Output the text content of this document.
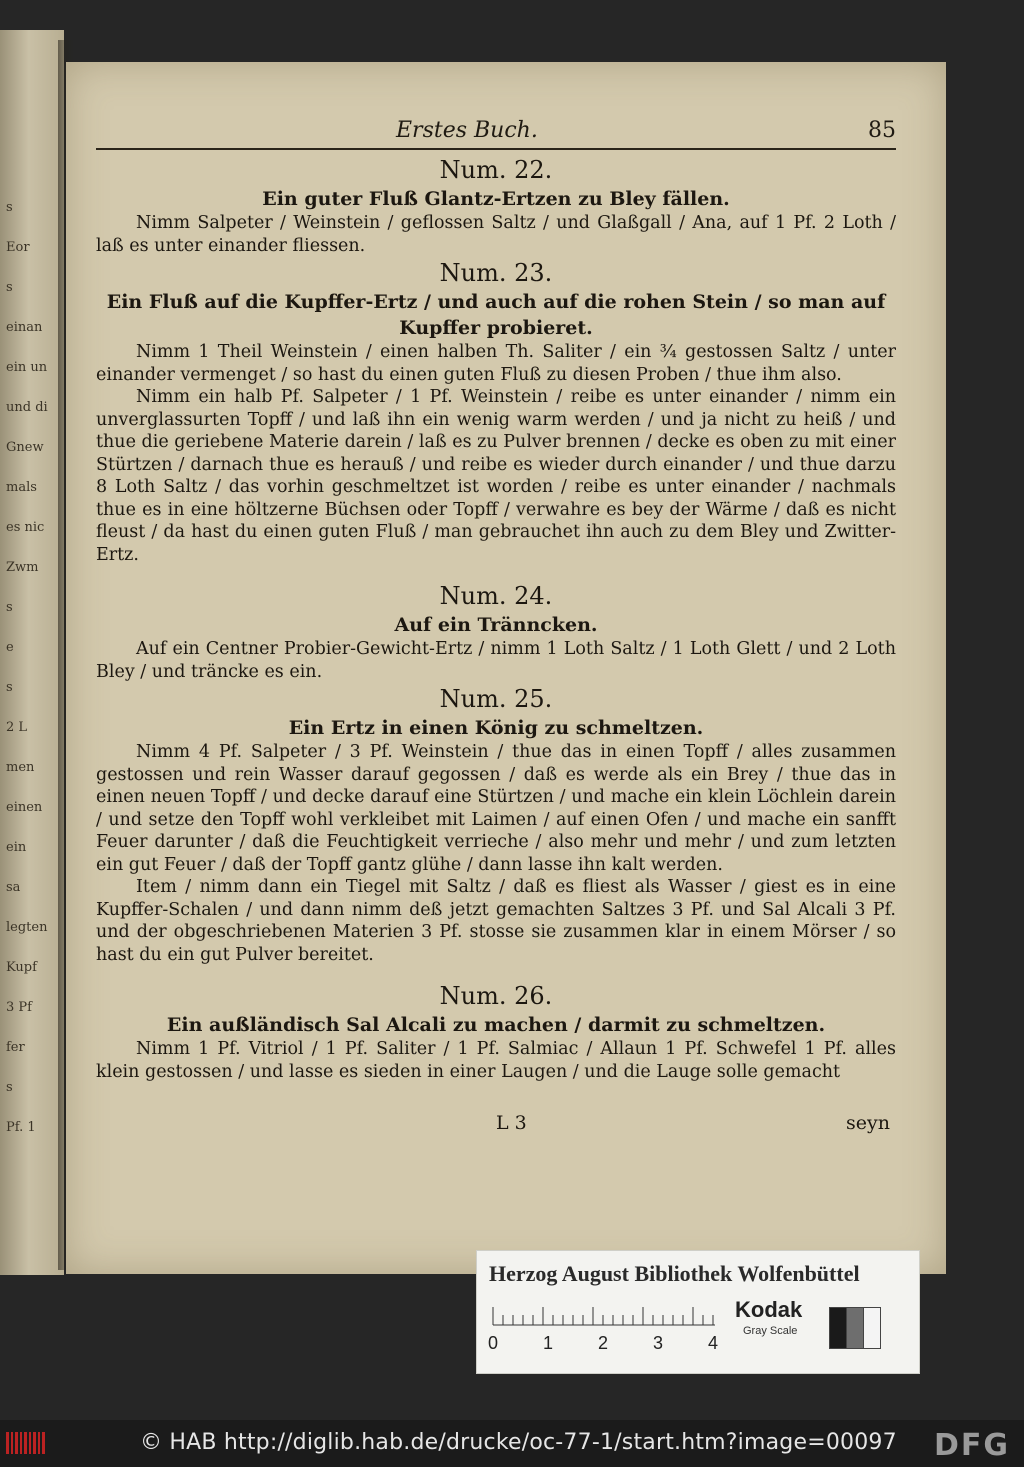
s
Eor
s
einan
ein un
und di
Gnew
mals
es nic
Zwm
s
e
s
2 L
men
einen
ein
sa
legten
Kupf
3 Pf
fer
s
Pf. 1
Erstes Buch.	85
Num. 22.
Ein guter Fluß Glantz-Ertzen zu Bley fällen.

Nimm Salpeter / Weinstein / geflossen Saltz / und Glaßgall / Ana, auf 1 Pf. 2 Loth / laß es unter einander fliessen.

Num. 23.
Ein Fluß auf die Kupffer-Ertz / und auch auf die rohen Stein / so man auf Kupffer probieret.

Nimm 1 Theil Weinstein / einen halben Th. Saliter / ein ¾ gestossen Saltz / unter einander vermenget / so hast du einen guten Fluß zu diesen Proben / thue ihm also.

Nimm ein halb Pf. Salpeter / 1 Pf. Weinstein / reibe es unter einander / nimm ein unverglassurten Topff / und laß ihn ein wenig warm werden / und ja nicht zu heiß / und thue die geriebene Materie darein / laß es zu Pulver brennen / decke es oben zu mit einer Stürtzen / darnach thue es herauß / und reibe es wieder durch einander / und thue darzu 8 Loth Saltz / das vorhin geschmeltzet ist worden / reibe es unter einander / nachmals thue es in eine höltzerne Büchsen oder Topff / verwahre es bey der Wärme / daß es nicht fleust / da hast du einen guten Fluß / man gebrauchet ihn auch zu dem Bley und Zwitter-Ertz.

Num. 24.
Auf ein Tränncken.

Auf ein Centner Probier-Gewicht-Ertz / nimm 1 Loth Saltz / 1 Loth Glett / und 2 Loth Bley / und träncke es ein.

Num. 25.
Ein Ertz in einen König zu schmeltzen.

Nimm 4 Pf. Salpeter / 3 Pf. Weinstein / thue das in einen Topff / alles zusammen gestossen und rein Wasser darauf gegossen / daß es werde als ein Brey / thue das in einen neuen Topff / und decke darauf eine Stürtzen / und mache ein klein Löchlein darein / und setze den Topff wohl verkleibet mit Laimen / auf einen Ofen / und mache ein sanfft Feuer darunter / daß die Feuchtigkeit verrieche / also mehr und mehr / und zum letzten ein gut Feuer / daß der Topff gantz glühe / dann lasse ihn kalt werden.

Item / nimm dann ein Tiegel mit Saltz / daß es fliest als Wasser / giest es in eine Kupffer-Schalen / und dann nimm deß jetzt gemachten Saltzes 3 Pf. und Sal Alcali 3 Pf. und der obgeschriebenen Materien 3 Pf. stosse sie zusammen klar in einem Mörser / so hast du ein gut Pulver bereitet.

Num. 26.
Ein außländisch Sal Alcali zu machen / darmit zu schmeltzen.

Nimm 1 Pf. Vitriol / 1 Pf. Saliter / 1 Pf. Salmiac / Allaun 1 Pf. Schwefel 1 Pf. alles klein gestossen / und lasse es sieden in einer Laugen / und die Lauge solle gemacht

L 3	seyn
Herzog August Bibliothek Wolfenbüttel
0 1 2 3 4
Kodak
Gray Scale
© HAB http://diglib.hab.de/drucke/oc-77-1/start.htm?image=00097 DFG
